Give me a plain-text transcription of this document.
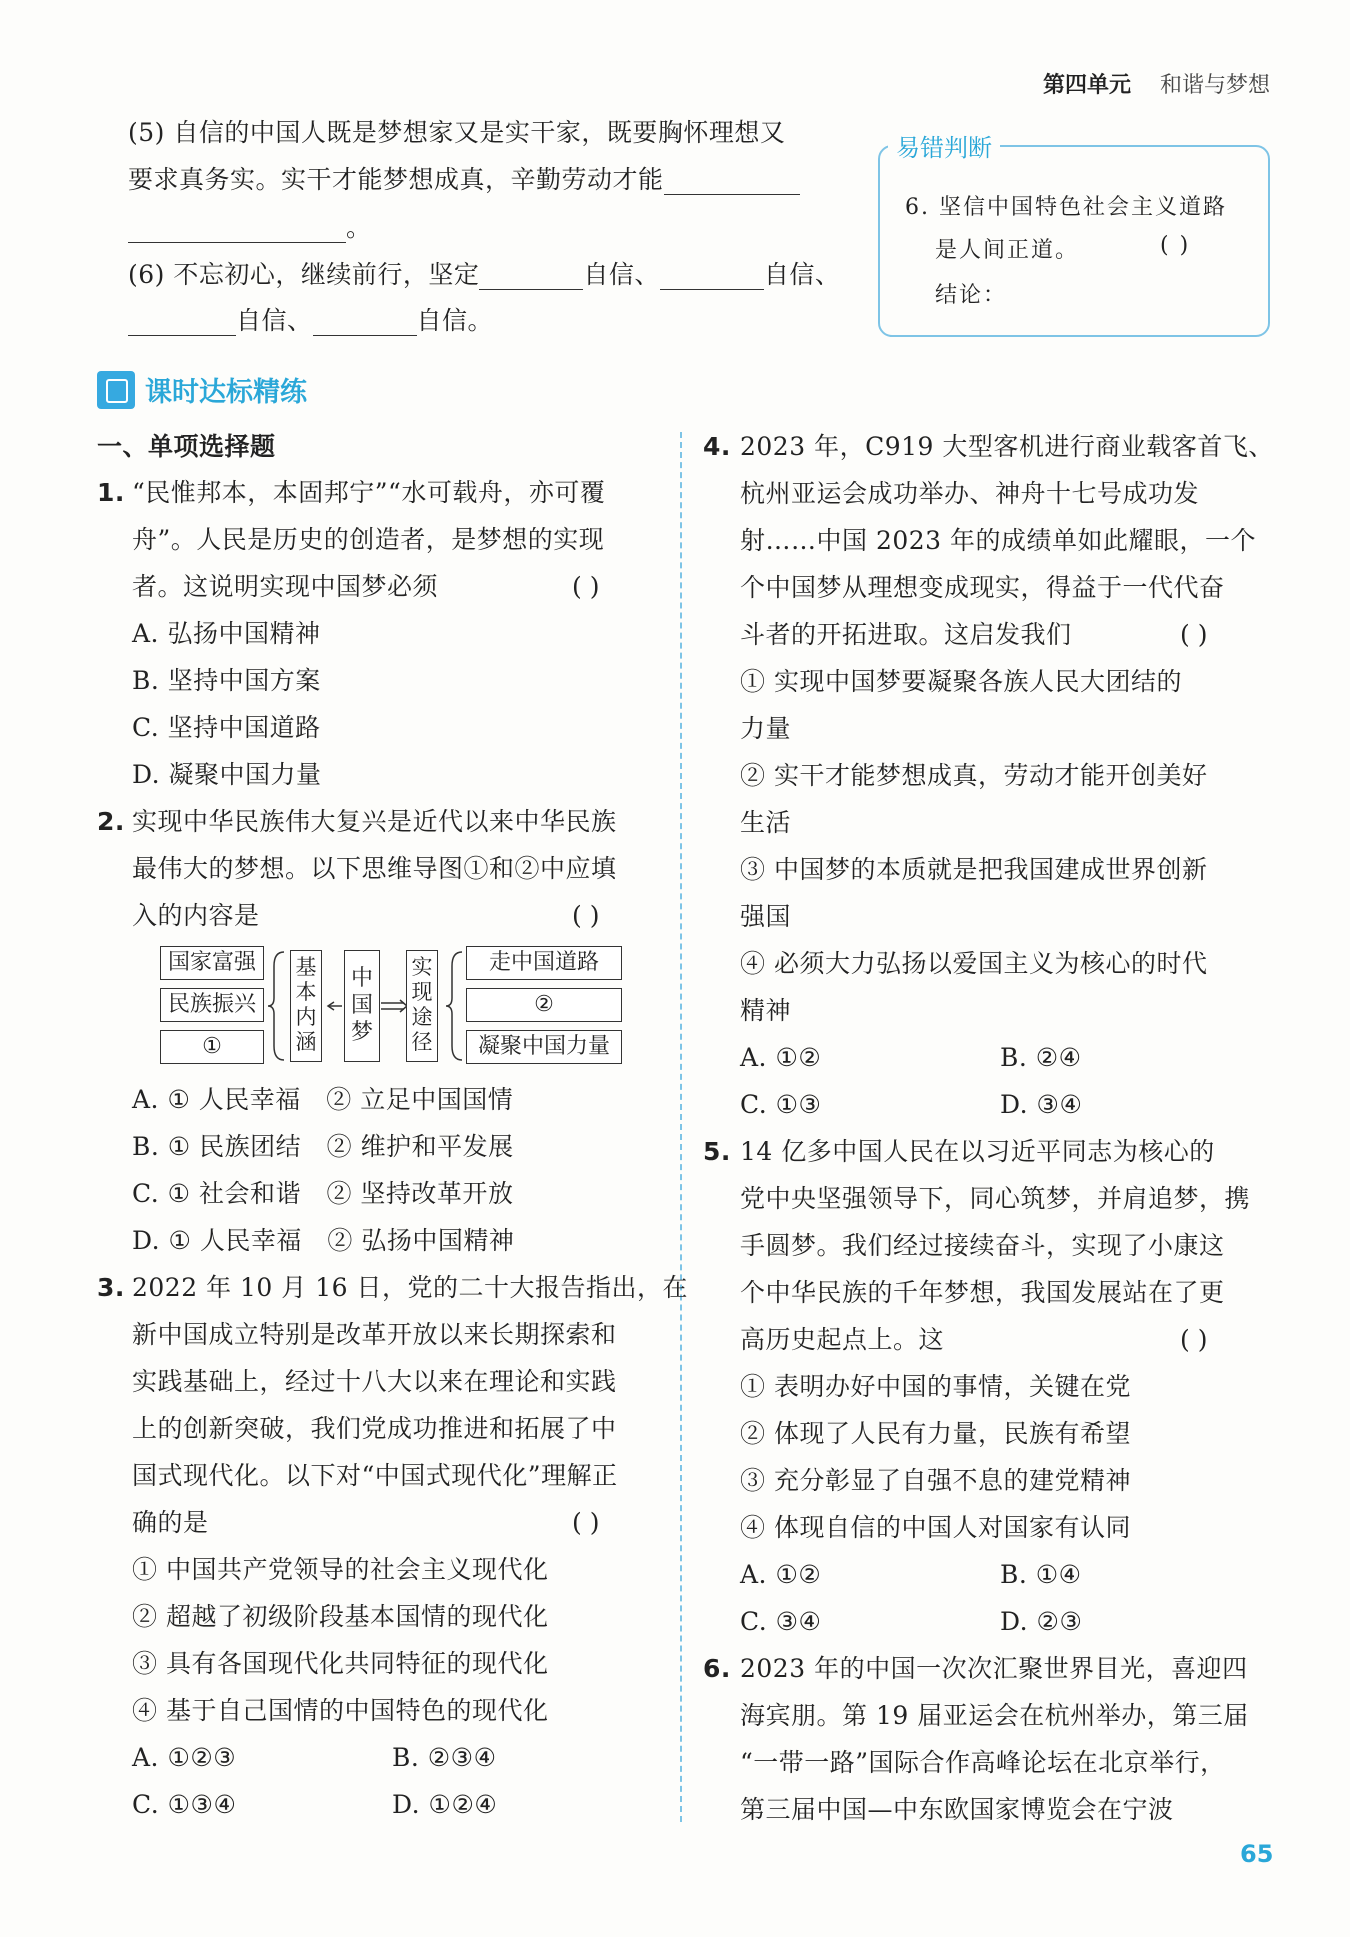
第四单元 和谐与梦想
(5) 自信的中国人既是梦想家又是实干家，既要胸怀理想又
要求真务实。实干才能梦想成真，辛勤劳动才能
。
(6) 不忘初心，继续前行，坚定	自信、	自信、
自信、	自信。
易错判断
6. 坚信中国特色社会主义道路
是人间正道。	( )
结论：
课时达标精练
一、单项选择题
1. “民惟邦本，本固邦宁”“水可载舟，亦可覆
舟”。人民是历史的创造者，是梦想的实现
者。这说明实现中国梦必须	( )
A. 弘扬中国精神
B. 坚持中国方案
C. 坚持中国道路
D. 凝聚中国力量
2. 实现中华民族伟大复兴是近代以来中华民族
最伟大的梦想。以下思维导图①和②中应填
入的内容是	( )
国家富强
民族振兴
①
基本内涵
中国梦
实现途径
走中国道路
②
凝聚中国力量
A. ① 人民幸福　② 立足中国国情
B. ① 民族团结　② 维护和平发展
C. ① 社会和谐　② 坚持改革开放
D. ① 人民幸福　② 弘扬中国精神
3. 2022 年 10 月 16 日，党的二十大报告指出，在
新中国成立特别是改革开放以来长期探索和
实践基础上，经过十八大以来在理论和实践
上的创新突破，我们党成功推进和拓展了中
国式现代化。以下对“中国式现代化”理解正
确的是	( )
① 中国共产党领导的社会主义现代化
② 超越了初级阶段基本国情的现代化
③ 具有各国现代化共同特征的现代化
④ 基于自己国情的中国特色的现代化
A. ①②③	B. ②③④
C. ①③④	D. ①②④
4. 2023 年，C919 大型客机进行商业载客首飞、
杭州亚运会成功举办、神舟十七号成功发
射……中国 2023 年的成绩单如此耀眼，一个
个中国梦从理想变成现实，得益于一代代奋
斗者的开拓进取。这启发我们	( )
① 实现中国梦要凝聚各族人民大团结的
力量
② 实干才能梦想成真，劳动才能开创美好
生活
③ 中国梦的本质就是把我国建成世界创新
强国
④ 必须大力弘扬以爱国主义为核心的时代
精神
A. ①②	B. ②④
C. ①③	D. ③④
5. 14 亿多中国人民在以习近平同志为核心的
党中央坚强领导下，同心筑梦，并肩追梦，携
手圆梦。我们经过接续奋斗，实现了小康这
个中华民族的千年梦想，我国发展站在了更
高历史起点上。这	( )
① 表明办好中国的事情，关键在党
② 体现了人民有力量，民族有希望
③ 充分彰显了自强不息的建党精神
④ 体现自信的中国人对国家有认同
A. ①②	B. ①④
C. ③④	D. ②③
6. 2023 年的中国一次次汇聚世界目光，喜迎四
海宾朋。第 19 届亚运会在杭州举办，第三届
“一带一路”国际合作高峰论坛在北京举行，
第三届中国—中东欧国家博览会在宁波
65
